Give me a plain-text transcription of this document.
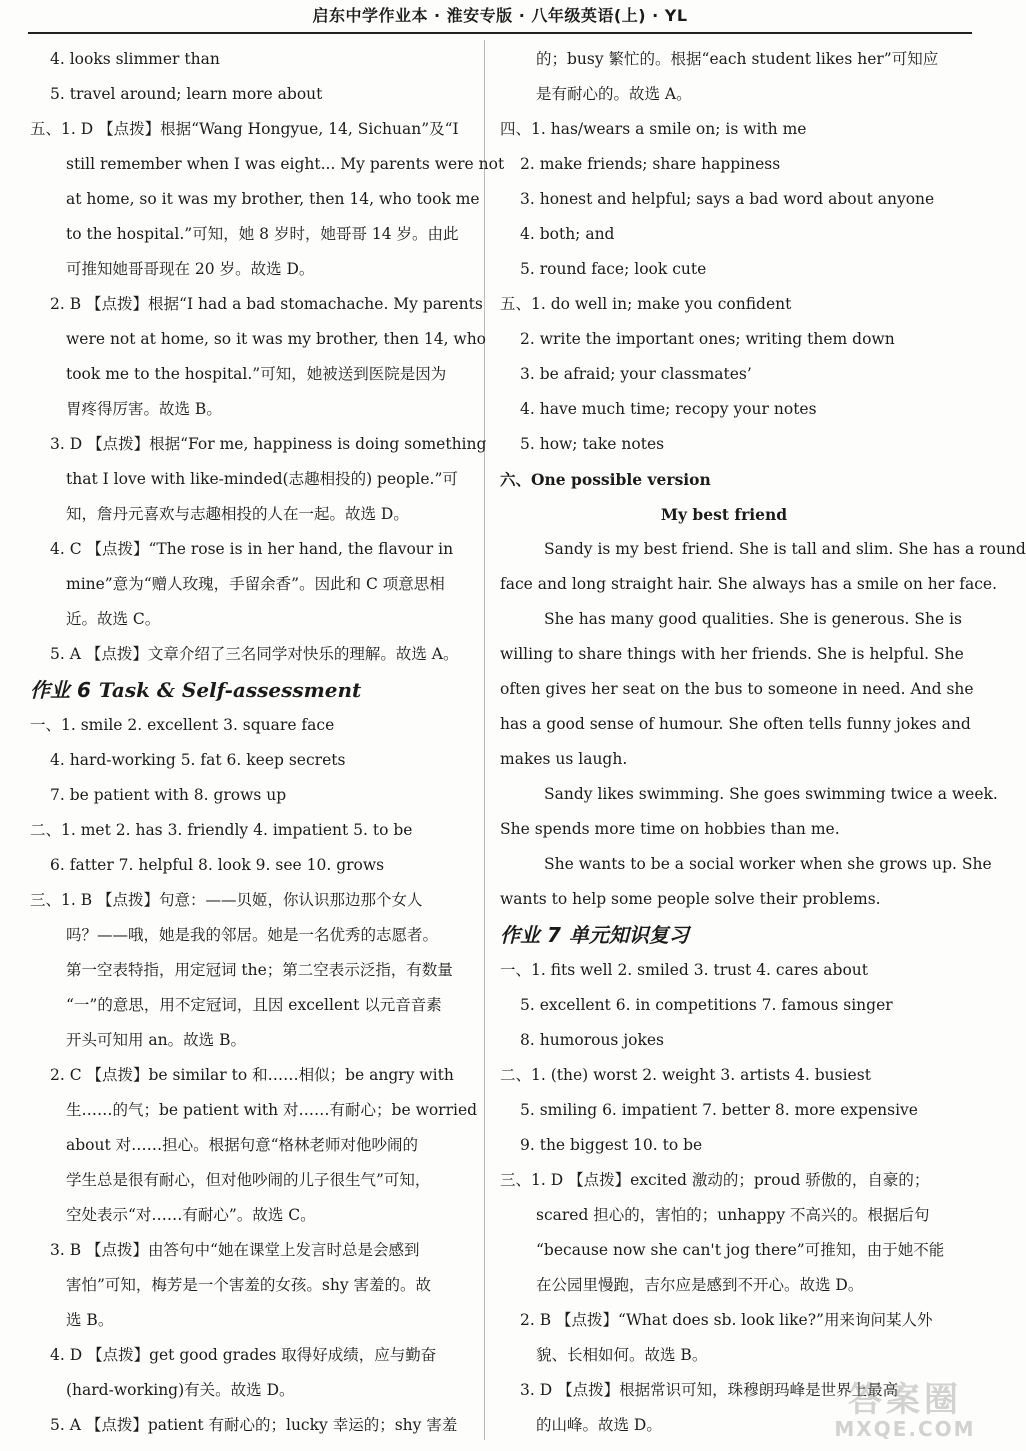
启东中学作业本 · 淮安专版 · 八年级英语(上) · YL
4. looks slimmer than
5. travel around; learn more about
五、1. D 【点拨】根据“Wang Hongyue, 14, Sichuan”及“I
still remember when I was eight... My parents were not
at home, so it was my brother, then 14, who took me
to the hospital.”可知，她 8 岁时，她哥哥 14 岁。由此
可推知她哥哥现在 20 岁。故选 D。
2. B 【点拨】根据“I had a bad stomachache. My parents
were not at home, so it was my brother, then 14, who
took me to the hospital.”可知，她被送到医院是因为
胃疼得厉害。故选 B。
3. D 【点拨】根据“For me, happiness is doing something
that I love with like-minded(志趣相投的) people.”可
知，詹丹元喜欢与志趣相投的人在一起。故选 D。
4. C 【点拨】“The rose is in her hand, the flavour in
mine”意为“赠人玫瑰，手留余香”。因此和 C 项意思相
近。故选 C。
5. A 【点拨】文章介绍了三名同学对快乐的理解。故选 A。
作业 6 Task & Self-assessment
一、1. smile 2. excellent 3. square face
4. hard-working 5. fat 6. keep secrets
7. be patient with 8. grows up
二、1. met 2. has 3. friendly 4. impatient 5. to be
6. fatter 7. helpful 8. look 9. see 10. grows
三、1. B 【点拨】句意：——贝姬，你认识那边那个女人
吗？——哦，她是我的邻居。她是一名优秀的志愿者。
第一空表特指，用定冠词 the；第二空表示泛指，有数量
“一”的意思，用不定冠词，且因 excellent 以元音音素
开头可知用 an。故选 B。
2. C 【点拨】be similar to 和……相似；be angry with
生……的气；be patient with 对……有耐心；be worried
about 对……担心。根据句意“格林老师对他吵闹的
学生总是很有耐心，但对他吵闹的儿子很生气”可知，
空处表示“对……有耐心”。故选 C。
3. B 【点拨】由答句中“她在课堂上发言时总是会感到
害怕”可知，梅芳是一个害羞的女孩。shy 害羞的。故
选 B。
4. D 【点拨】get good grades 取得好成绩，应与勤奋
(hard-working)有关。故选 D。
5. A 【点拨】patient 有耐心的；lucky 幸运的；shy 害羞
的；busy 繁忙的。根据“each student likes her”可知应
是有耐心的。故选 A。
四、1. has/wears a smile on; is with me
2. make friends; share happiness
3. honest and helpful; says a bad word about anyone
4. both; and
5. round face; look cute
五、1. do well in; make you confident
2. write the important ones; writing them down
3. be afraid; your classmates’
4. have much time; recopy your notes
5. how; take notes
六、One possible version
My best friend
Sandy is my best friend. She is tall and slim. She has a round
face and long straight hair. She always has a smile on her face.
She has many good qualities. She is generous. She is
willing to share things with her friends. She is helpful. She
often gives her seat on the bus to someone in need. And she
has a good sense of humour. She often tells funny jokes and
makes us laugh.
Sandy likes swimming. She goes swimming twice a week.
She spends more time on hobbies than me.
She wants to be a social worker when she grows up. She
wants to help some people solve their problems.
作业 7 单元知识复习
一、1. fits well 2. smiled 3. trust 4. cares about
5. excellent 6. in competitions 7. famous singer
8. humorous jokes
二、1. (the) worst 2. weight 3. artists 4. busiest
5. smiling 6. impatient 7. better 8. more expensive
9. the biggest 10. to be
三、1. D 【点拨】excited 激动的；proud 骄傲的，自豪的；
scared 担心的，害怕的；unhappy 不高兴的。根据后句
“because now she can't jog there”可推知，由于她不能
在公园里慢跑，吉尔应是感到不开心。故选 D。
2. B 【点拨】“What does sb. look like?”用来询问某人外
貌、长相如何。故选 B。
3. D 【点拨】根据常识可知，珠穆朗玛峰是世界上最高
的山峰。故选 D。
答案圈
MXQE.COM
